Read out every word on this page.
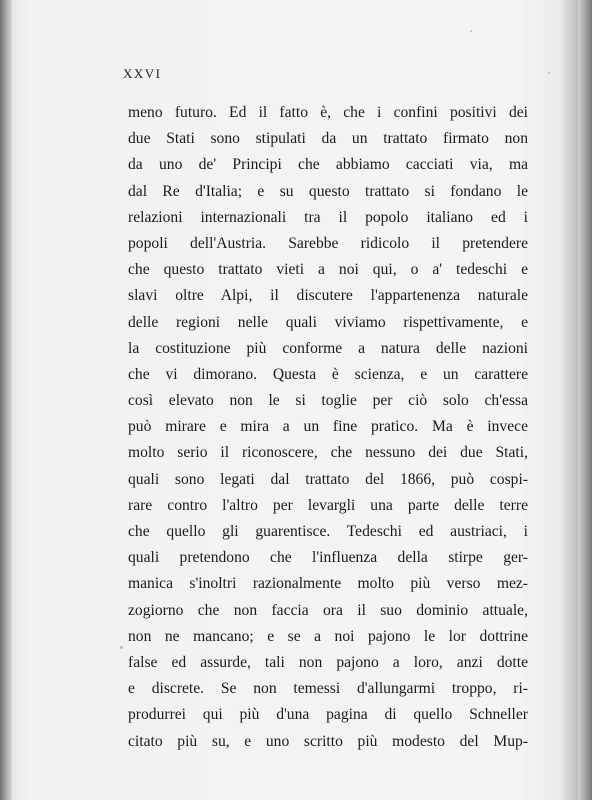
XXVI
meno futuro. Ed il fatto è, che i confini positivi dei
due Stati sono stipulati da un trattato firmato non
da uno de' Principi che abbiamo cacciati via, ma
dal Re d'Italia; e su questo trattato si fondano le
relazioni internazionali tra il popolo italiano ed i
popoli dell'Austria. Sarebbe ridicolo il pretendere
che questo trattato vieti a noi qui, o a' tedeschi e
slavi oltre Alpi, il discutere l'appartenenza naturale
delle regioni nelle quali viviamo rispettivamente, e
la costituzione più conforme a natura delle nazioni
che vi dimorano. Questa è scienza, e un carattere
così elevato non le si toglie per ciò solo ch'essa
può mirare e mira a un fine pratico. Ma è invece
molto serio il riconoscere, che nessuno dei due Stati,
quali sono legati dal trattato del 1866, può cospi-
rare contro l'altro per levargli una parte delle terre
che quello gli guarentisce. Tedeschi ed austriaci, i
quali pretendono che l'influenza della stirpe ger-
manica s'inoltri razionalmente molto più verso mez-
zogiorno che non faccia ora il suo dominio attuale,
non ne mancano; e se a noi pajono le lor dottrine
false ed assurde, tali non pajono a loro, anzi dotte
e discrete. Se non temessi d'allungarmi troppo, ri-
produrrei qui più d'una pagina di quello Schneller
citato più su, e uno scritto più modesto del Mup-
